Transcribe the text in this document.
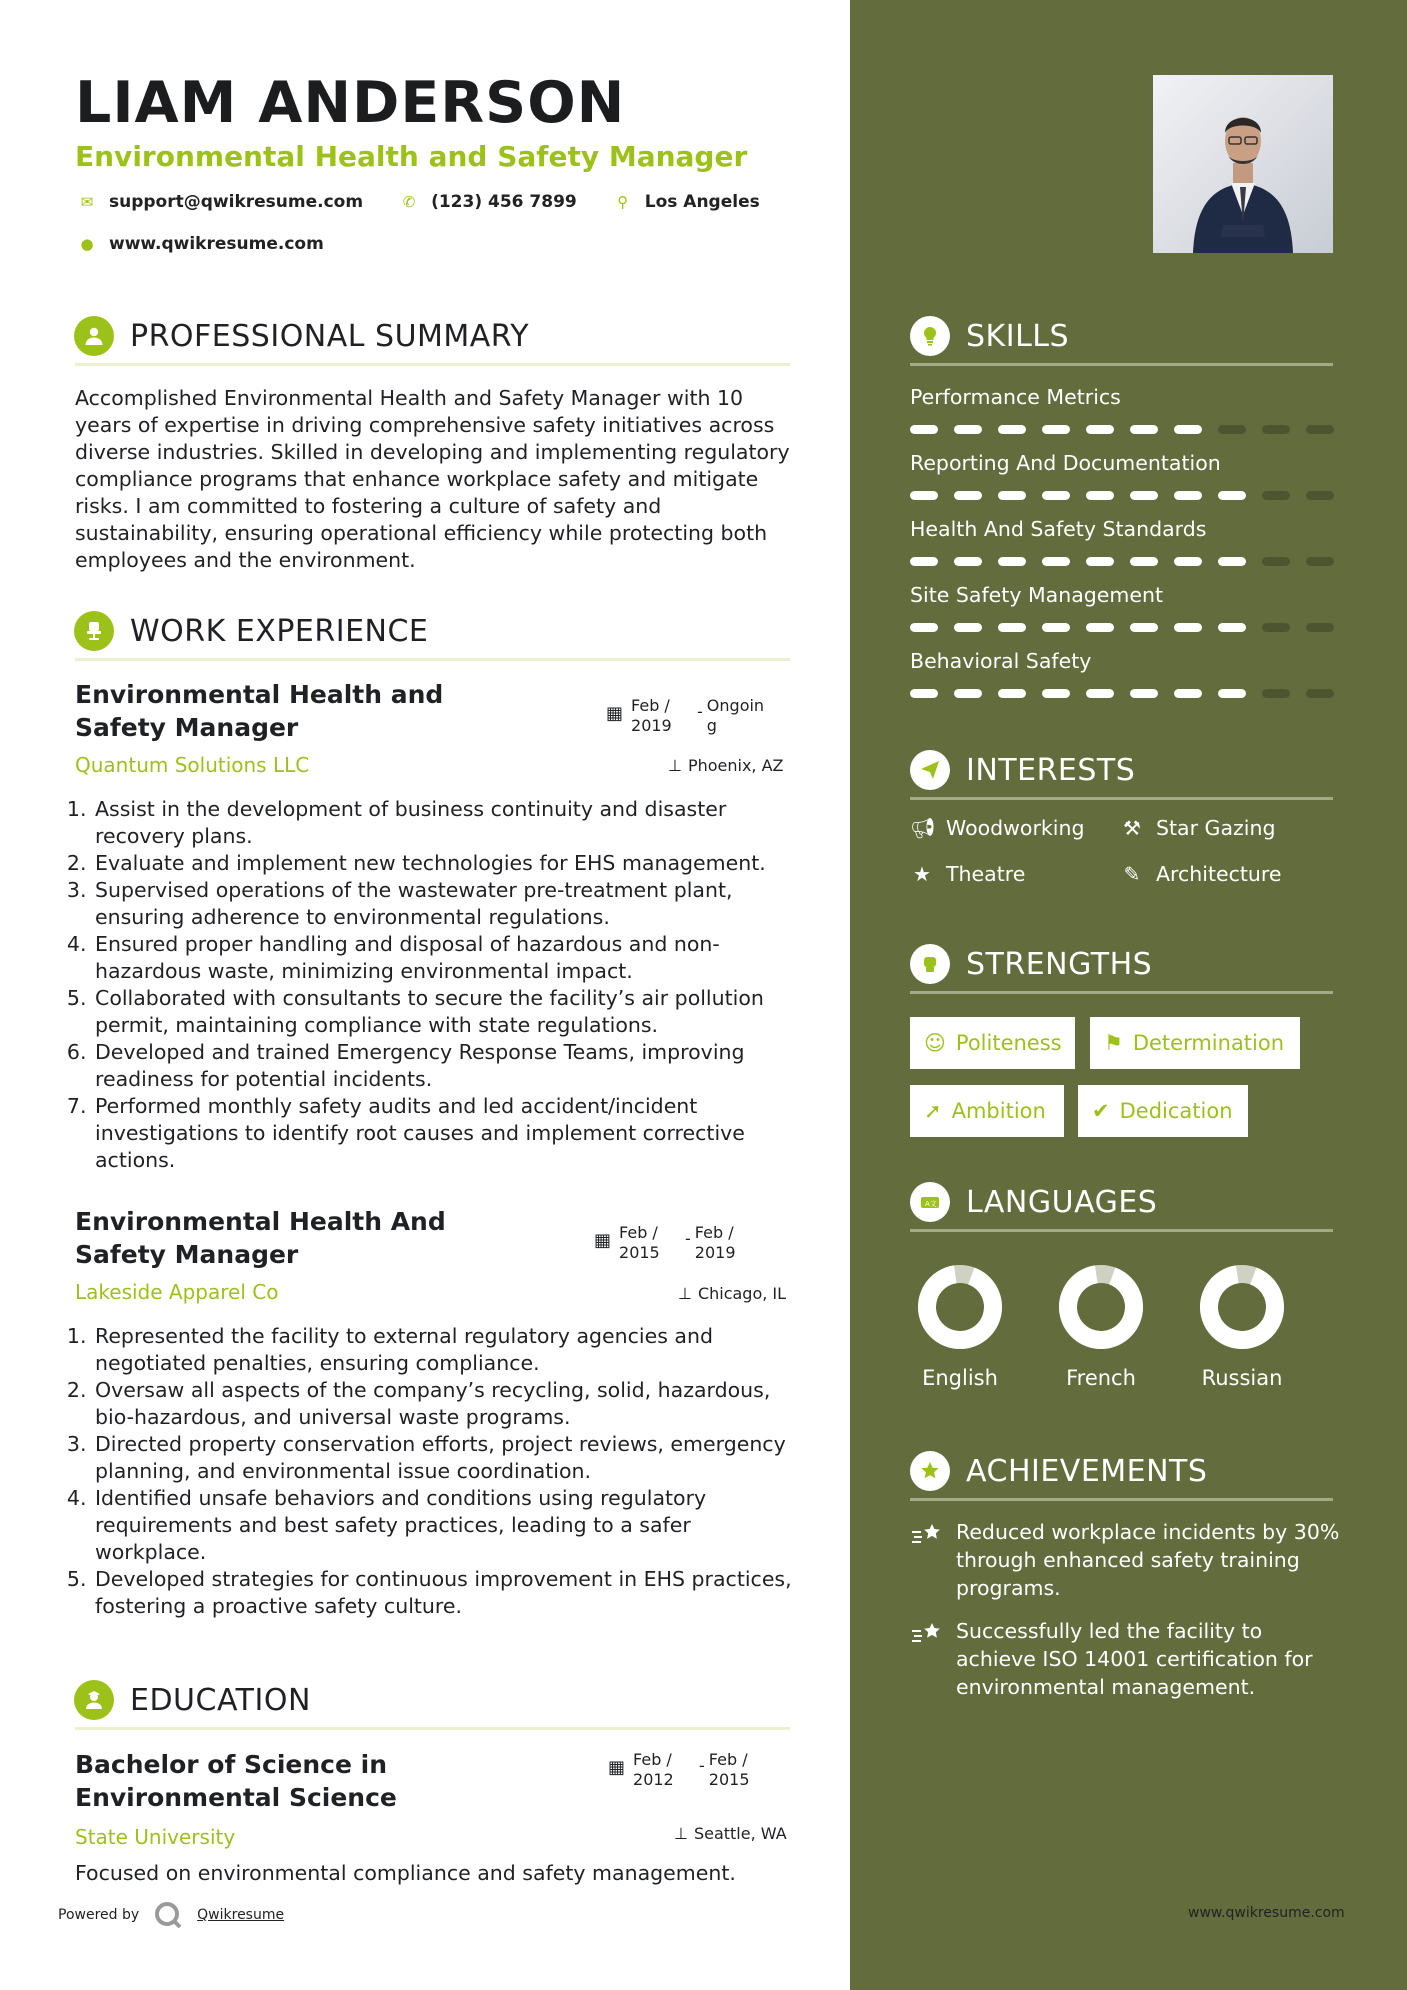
LIAM ANDERSON
Environmental Health and Safety Manager
✉ support@qwikresume.com	✆ (123) 456 7899	⚲ Los Angeles
● www.qwikresume.com
PROFESSIONAL SUMMARY
Accomplished Environmental Health and Safety Manager with 10 years of expertise in driving comprehensive safety initiatives across diverse industries. Skilled in developing and implementing regulatory compliance programs that enhance workplace safety and mitigate risks. I am committed to fostering a culture of safety and sustainability, ensuring operational efficiency while protecting both employees and the environment.
WORK EXPERIENCE
Environmental Health and Safety Manager	▦ Feb / 2019
- Ongoin g
Quantum Solutions LLC	⊥ Phoenix, AZ
1. Assist in the development of business continuity and disaster recovery plans.
2. Evaluate and implement new technologies for EHS management.
3. Supervised operations of the wastewater pre-treatment plant, ensuring adherence to environmental regulations.
4. Ensured proper handling and disposal of hazardous and non-hazardous waste, minimizing environmental impact.
5. Collaborated with consultants to secure the facility’s air pollution permit, maintaining compliance with state regulations.
6. Developed and trained Emergency Response Teams, improving readiness for potential incidents.
7. Performed monthly safety audits and led accident/incident investigations to identify root causes and implement corrective actions.
Environmental Health And Safety Manager	▦ Feb / 2015
- Feb / 2019
Lakeside Apparel Co	⊥ Chicago, IL
1. Represented the facility to external regulatory agencies and negotiated penalties, ensuring compliance.
2. Oversaw all aspects of the company’s recycling, solid, hazardous, bio-hazardous, and universal waste programs.
3. Directed property conservation efforts, project reviews, emergency planning, and environmental issue coordination.
4. Identified unsafe behaviors and conditions using regulatory requirements and best safety practices, leading to a safer workplace.
5. Developed strategies for continuous improvement in EHS practices, fostering a proactive safety culture.
EDUCATION
Bachelor of Science in Environmental Science
▦ Feb / 2012
- Feb / 2015
State University	⊥ Seattle, WA
Focused on environmental compliance and safety management.
Powered by	Qwikresume
SKILLS
Performance Metrics
Reporting And Documentation
Health And Safety Standards
Site Safety Management
Behavioral Safety
INTERESTS
📢︎ Woodworking ⚒ Star Gazing
★ Theatre	✎ Architecture
STRENGTHS
☺ Politeness ⚑ Determination
➚ Ambition ✔ Dedication
A文 LANGUAGES
English	French	Russian
ACHIEVEMENTS
Reduced workplace incidents by 30% through enhanced safety training programs.
Successfully led the facility to achieve ISO 14001 certification for environmental management.
www.qwikresume.com
